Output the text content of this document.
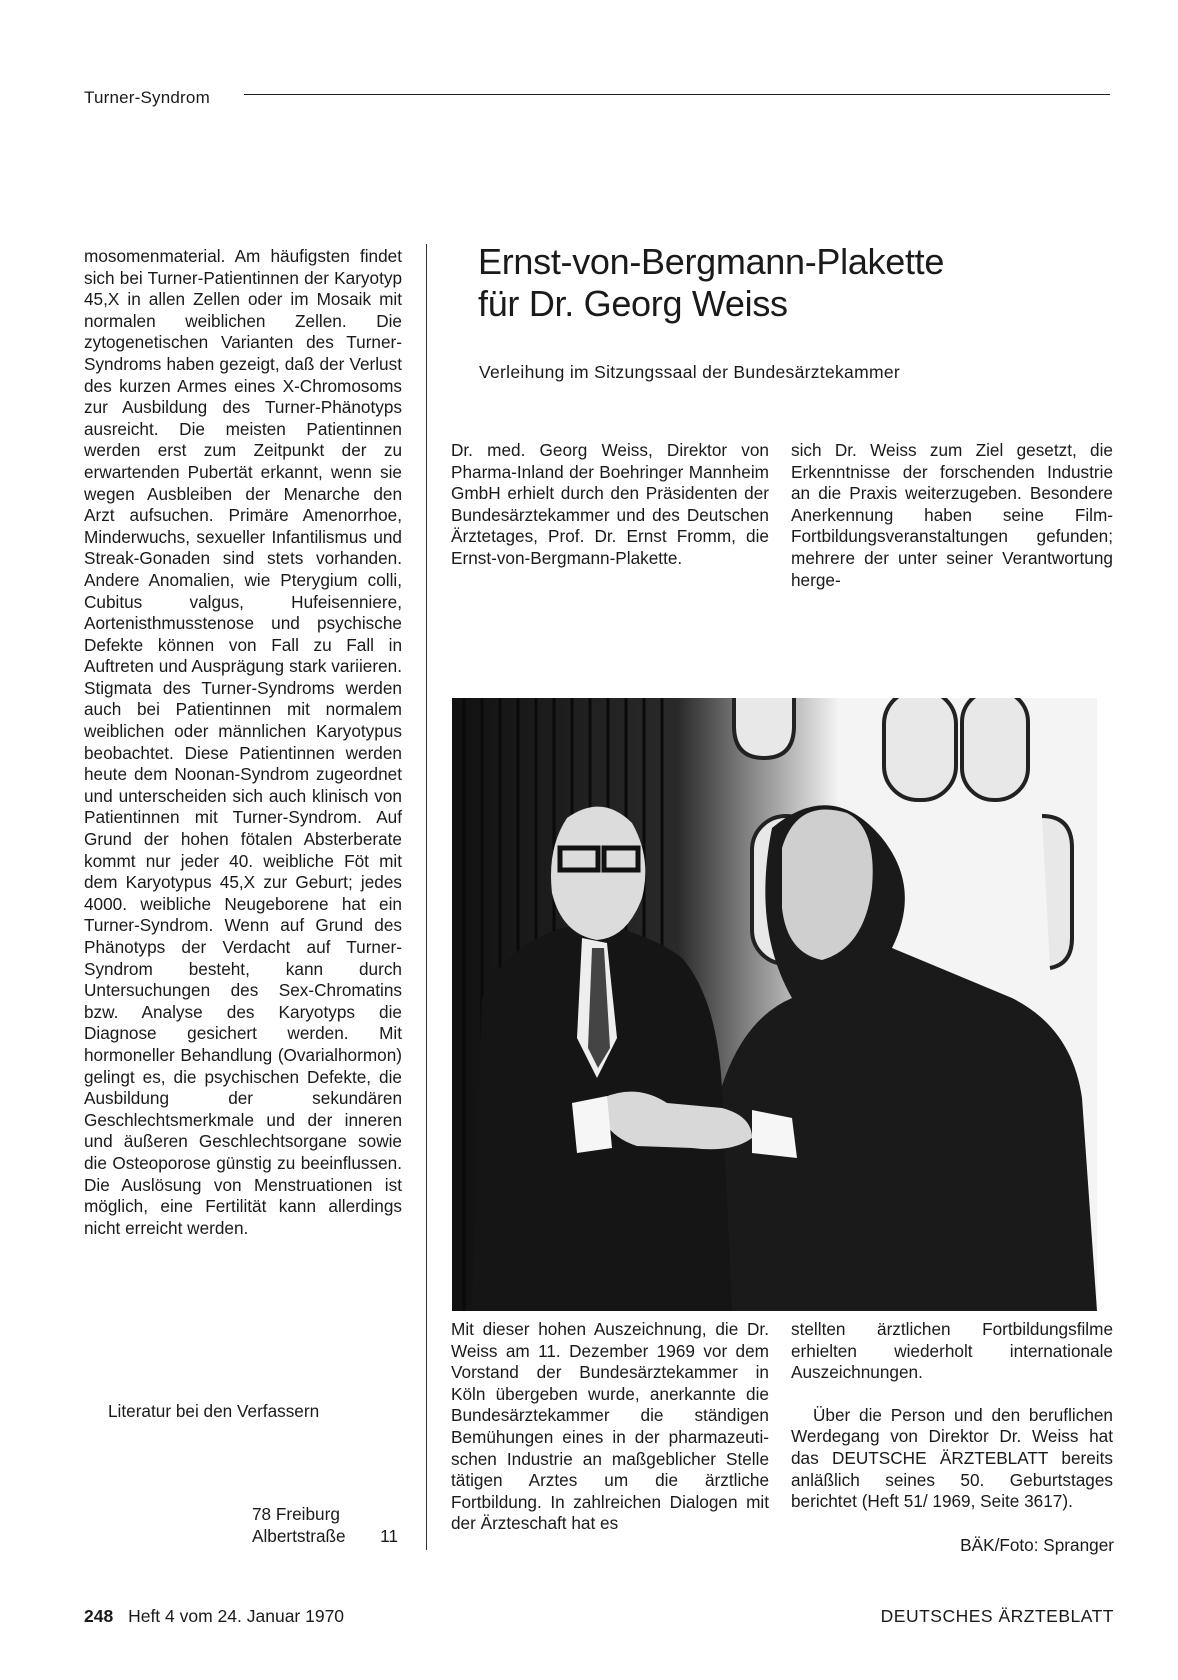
Turner-Syndrom

mosomenmaterial. Am häufigsten findet sich bei Turner-Patientinnen der Karyotyp 45,X in allen Zellen oder im Mosaik mit normalen weiblichen Zellen. Die zytogenetischen Varianten des Turner-Syndroms haben gezeigt, daß der Verlust des kurzen Armes eines X-Chromosoms zur Ausbildung des Turner-Phänotyps ausreicht. Die meisten Patientinnen werden erst zum Zeitpunkt der zu erwartenden Pubertät erkannt, wenn sie wegen Ausbleiben der Menarche den Arzt aufsuchen. Primäre Amenorrhoe, Minderwuchs, sexueller Infantilismus und Streak-Gonaden sind stets vorhanden. Andere Anomalien, wie Pterygium colli, Cubitus valgus, Hufeisenniere, Aortenisthmusstenose und psychische Defekte können von Fall zu Fall in Auftreten und Ausprägung stark variieren. Stigmata des Turner-Syndroms werden auch bei Patientinnen mit normalem weiblichen oder männlichen Karyotypus beobachtet. Diese Patientinnen werden heute dem Noonan-Syndrom zugeordnet und unterscheiden sich auch klinisch von Patientinnen mit Turner-Syndrom. Auf Grund der hohen fötalen Absterberate kommt nur jeder 40. weibliche Föt mit dem Karyotypus 45,X zur Geburt; jedes 4000. weibliche Neugeborene hat ein Turner-Syndrom. Wenn auf Grund des Phänotyps der Verdacht auf Turner-Syndrom besteht, kann durch Untersuchungen des Sex-Chromatins bzw. Analyse des Karyotyps die Diagnose gesichert werden. Mit hormoneller Behandlung (Ovarialhormon) gelingt es, die psychischen Defekte, die Ausbildung der sekundären Geschlechtsmerkmale und der inneren und äußeren Geschlechtsorgane sowie die Osteoporose günstig zu beeinflussen. Die Auslösung von Menstruationen ist möglich, eine Fertilität kann allerdings nicht erreicht werden.

Literatur bei den Verfassern
78 Freiburg
Albertstraße 11
Ernst-von-Bergmann-Plakette
für Dr. Georg Weiss
Verleihung im Sitzungssaal der Bundesärztekammer

Dr. med. Georg Weiss, Direktor von Pharma-Inland der Boehringer Mannheim GmbH erhielt durch den Präsidenten der Bundesärztekammer und des Deutschen Ärztetages, Prof. Dr. Ernst Fromm, die Ernst-von-Bergmann-Plakette.

sich Dr. Weiss zum Ziel gesetzt, die Erkenntnisse der forschenden Industrie an die Praxis weiterzugeben. Besondere Anerkennung haben seine Film-Fortbildungsveranstaltungen gefunden; mehrere der unter seiner Verantwortung herge-

Mit dieser hohen Auszeichnung, die Dr. Weiss am 11. Dezember 1969 vor dem Vorstand der Bundesärztekammer in Köln übergeben wurde, anerkannte die Bundesärztekammer die ständigen Bemühungen eines in der pharmazeutischen Industrie an maßgeblicher Stelle tätigen Arztes um die ärztliche Fortbildung. In zahlreichen Dialogen mit der Ärzteschaft hat es

stellten ärztlichen Fortbildungsfilme erhielten wiederholt internationale Auszeichnungen.

Über die Person und den beruflichen Werdegang von Direktor Dr. Weiss hat das DEUTSCHE ÄRZTEBLATT bereits anläßlich seines 50. Geburtstages berichtet (Heft 51/ 1969, Seite 3617).

BÄK/Foto: Spranger
248 Heft 4 vom 24. Januar 1970	DEUTSCHES ÄRZTEBLATT
